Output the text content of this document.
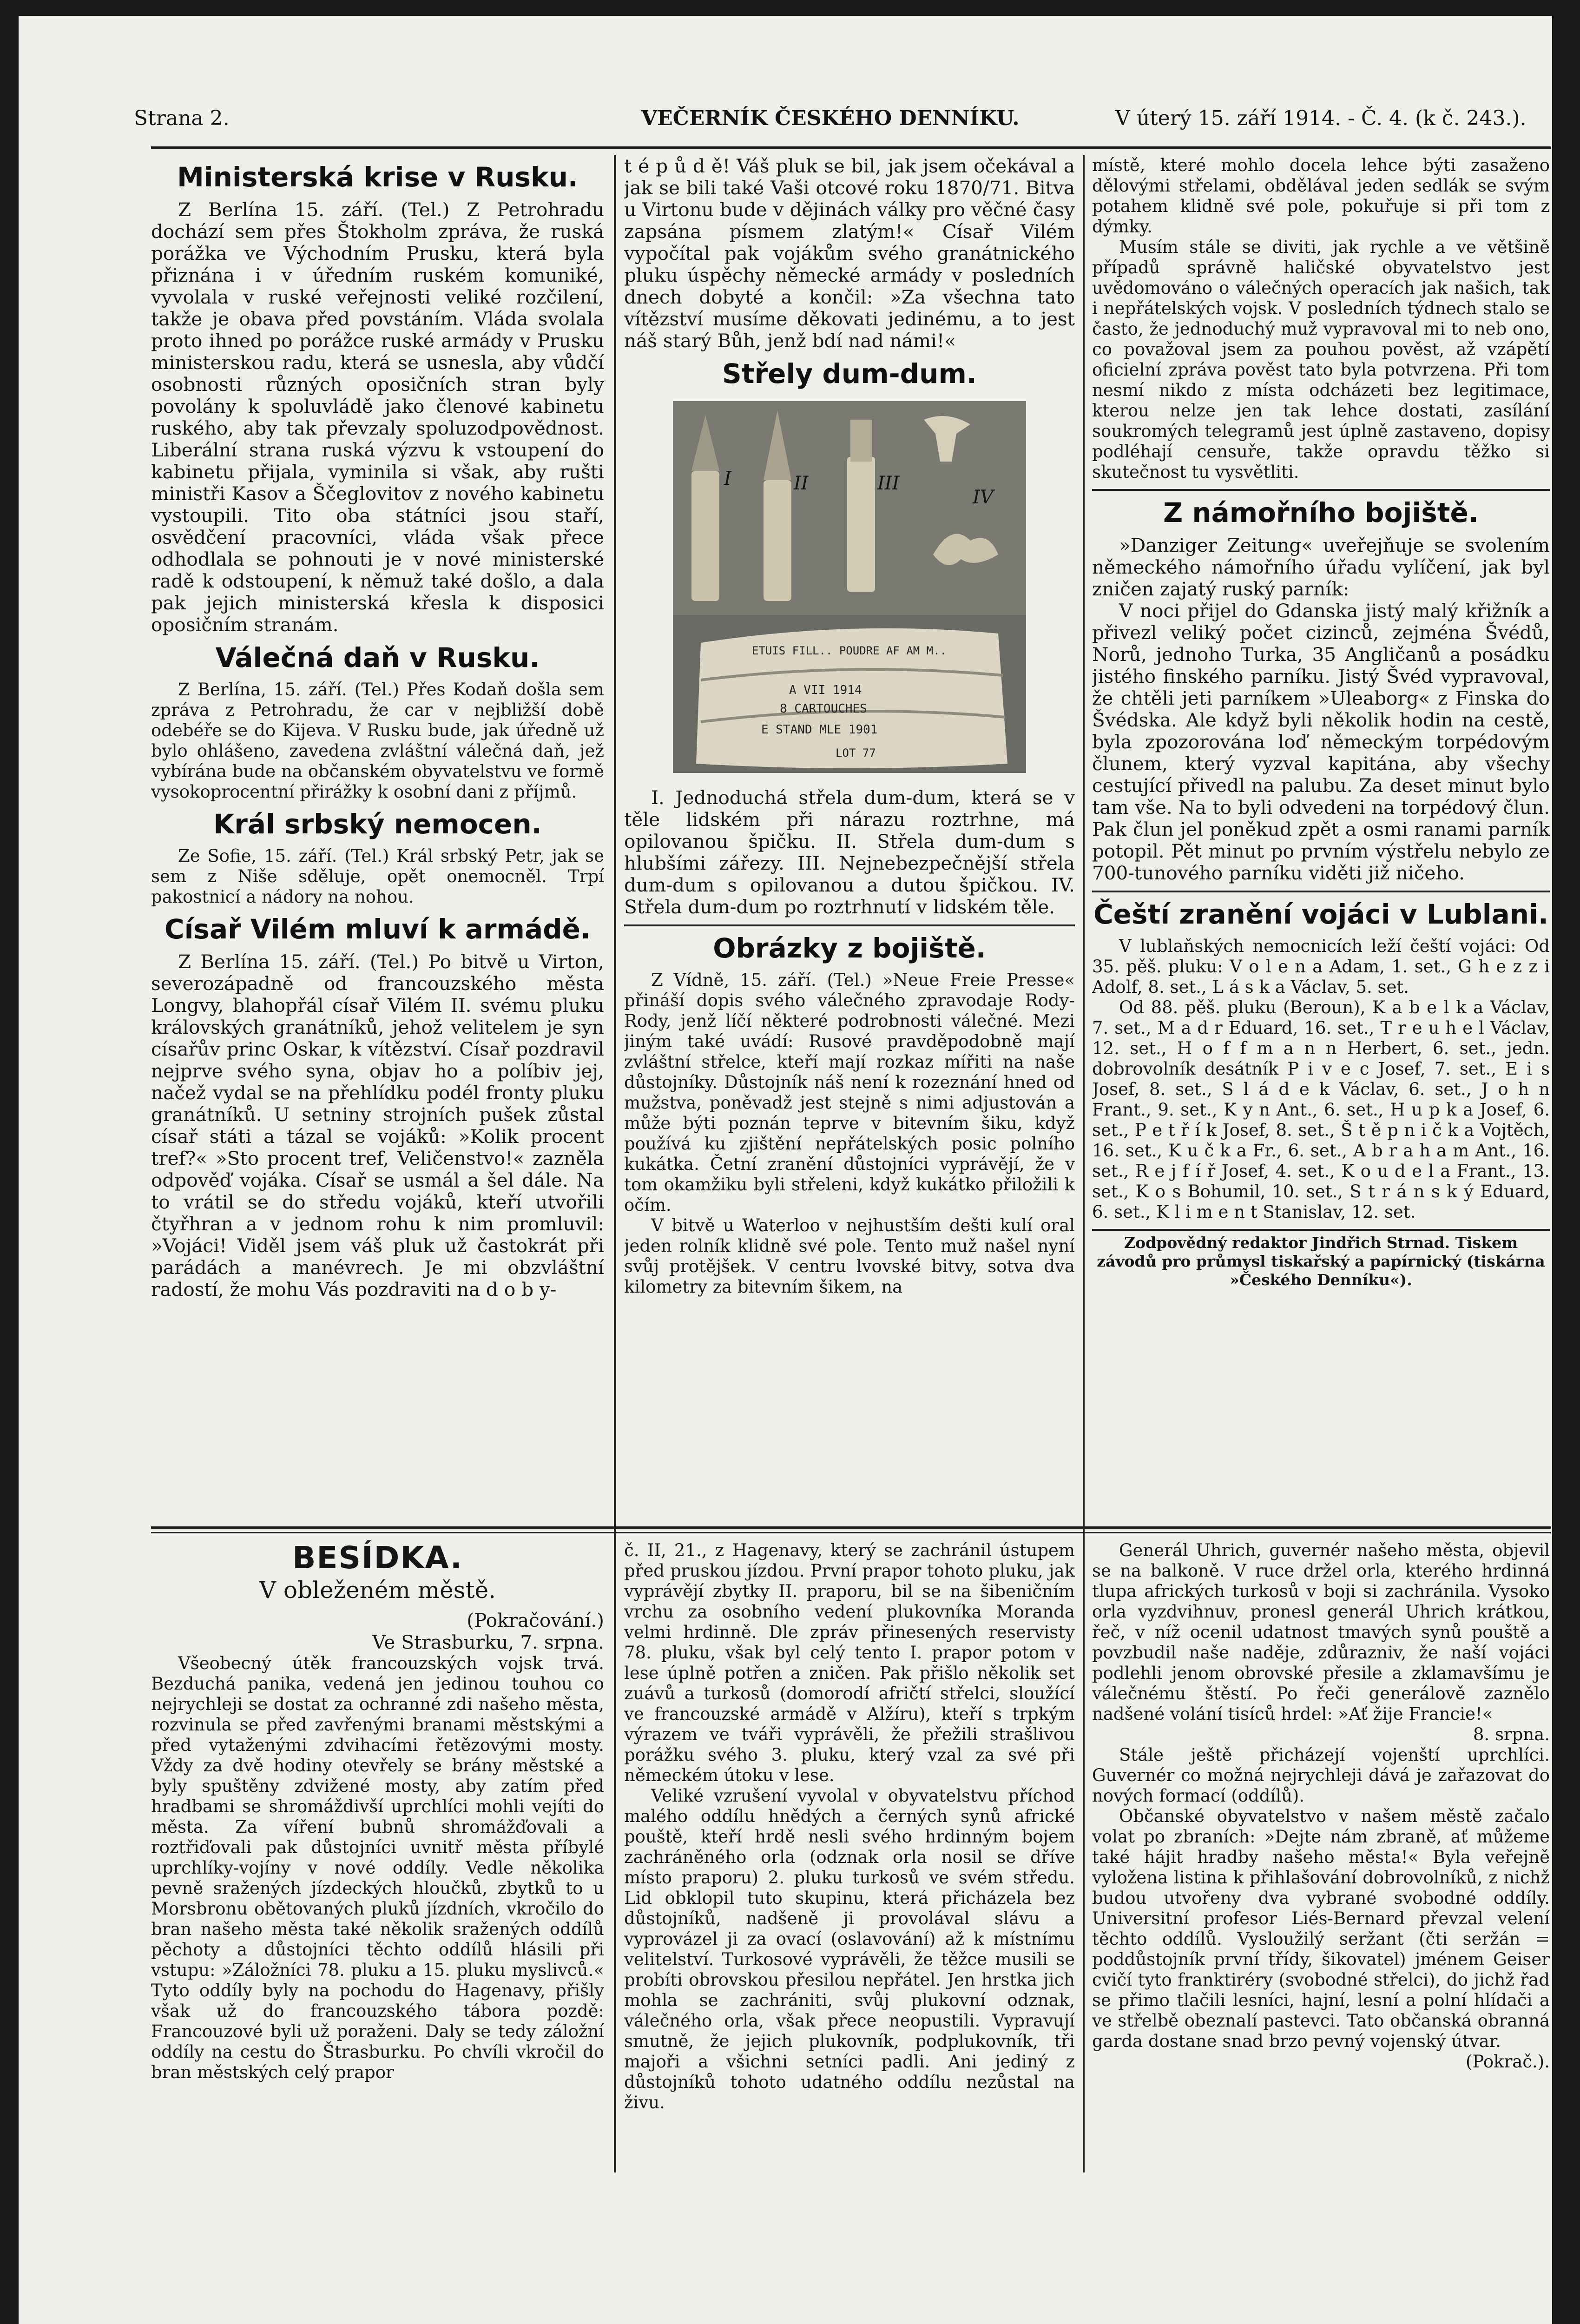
Strana 2.	VEČERNÍK ČESKÉHO DENNÍKU.	V úterý 15. září 1914. - Č. 4. (k č. 243.).
Ministerská krise v Rusku.

Z Berlína 15. září. (Tel.) Z Petrohradu dochází sem přes Štokholm zpráva, že ruská porážka ve Východním Prusku, která byla přiznána i v úředním ruském komuniké, vyvolala v ruské veřejnosti veliké rozčilení, takže je obava před povstáním. Vláda svolala proto ihned po porážce ruské armády v Prusku ministerskou radu, která se usnesla, aby vůdčí osobnosti různých oposičních stran byly povolány k spoluvládě jako členové kabinetu ruského, aby tak převzaly spoluzodpovědnost. Liberální strana ruská výzvu k vstoupení do kabinetu přijala, vyminila si však, aby rušti ministři Kasov a Ščeglovitov z nového kabinetu vystoupili. Tito oba státníci jsou staří, osvědčení pracovníci, vláda však přece odhodlala se pohnouti je v nové ministerské radě k odstoupení, k němuž také došlo, a dala pak jejich ministerská křesla k disposici oposičním stranám.

Válečná daň v Rusku.

Z Berlína, 15. září. (Tel.) Přes Kodaň došla sem zpráva z Petrohradu, že car v nejbližší době odebéře se do Kijeva. V Rusku bude, jak úředně už bylo ohlášeno, zavedena zvláštní válečná daň, jež vybírána bude na občanském obyvatelstvu ve formě vysokoprocentní přirážky k osobní dani z příjmů.

Král srbský nemocen.

Ze Sofie, 15. září. (Tel.) Král srbský Petr, jak se sem z Niše sděluje, opět onemocněl. Trpí pakostnicí a nádory na nohou.

Císař Vilém mluví k armádě.

Z Berlína 15. září. (Tel.) Po bitvě u Virton, severozápadně od francouzského města Longvy, blahopřál císař Vilém II. svému pluku královských granátníků, jehož velitelem je syn císařův princ Oskar, k vítězství. Císař pozdravil nejprve svého syna, objav ho a políbiv jej, načež vydal se na přehlídku podél fronty pluku granátníků. U setniny strojních pušek zůstal císař státi a tázal se vojáků: »Kolik procent tref?« »Sto procent tref, Veličenstvo!« zazněla odpověď vojáka. Císař se usmál a šel dále. Na to vrátil se do středu vojáků, kteří utvořili čtyřhran a v jednom rohu k nim promluvil: »Vojáci! Viděl jsem váš pluk už častokrát při parádách a manévrech. Je mi obzvláštní radostí, že mohu Vás pozdraviti na d o b y-

t é p ů d ě! Váš pluk se bil, jak jsem očekával a jak se bili také Vaši otcové roku 1870/71. Bitva u Virtonu bude v dějinách války pro věčné časy zapsána písmem zlatým!« Císař Vilém vypočítal pak vojákům svého granátnického pluku úspěchy německé armády v posledních dnech dobyté a končil: »Za všechna tato vítězství musíme děkovati jedinému, a to jest náš starý Bůh, jenž bdí nad námi!«

Střely dum-dum.
I	II	III
IV
ETUIS FILL.. POUDRE AF AM M..
A VII 1914
8 CARTOUCHES
E STAND MLE 1901
LOT 77

I. Jednoduchá střela dum-dum, která se v těle lidském při nárazu roztrhne, má opilovanou špičku. II. Střela dum-dum s hlubšími zářezy. III. Nejnebezpečnější střela dum-dum s opilovanou a dutou špičkou. IV. Střela dum-dum po roztrhnutí v lidském těle.

Obrázky z bojiště.

Z Vídně, 15. září. (Tel.) »Neue Freie Presse« přináší dopis svého válečného zpravodaje Rody-Rody, jenž líčí některé podrobnosti válečné. Mezi jiným také uvádí: Rusové pravděpodobně mají zvláštní střelce, kteří mají rozkaz mířiti na naše důstojníky. Důstojník náš není k rozeznání hned od mužstva, poněvadž jest stejně s nimi adjustován a může býti poznán teprve v bitevním šiku, když používá ku zjištění nepřátelských posic polního kukátka. Četní zranění důstojníci vyprávějí, že v tom okamžiku byli střeleni, když kukátko přiložili k očím.

V bitvě u Waterloo v nejhustším dešti kulí oral jeden rolník klidně své pole. Tento muž našel nyní svůj protějšek. V centru lvovské bitvy, sotva dva kilometry za bitevním šikem, na

místě, které mohlo docela lehce býti zasaženo dělovými střelami, obdělával jeden sedlák se svým potahem klidně své pole, pokuřuje si při tom z dýmky.

Musím stále se diviti, jak rychle a ve většině případů správně haličské obyvatelstvo jest uvědomováno o válečných operacích jak našich, tak i nepřátelských vojsk. V posledních týdnech stalo se často, že jednoduchý muž vypravoval mi to neb ono, co považoval jsem za pouhou pověst, až vzápětí oficielní zpráva pověst tato byla potvrzena. Při tom nesmí nikdo z místa odcházeti bez legitimace, kterou nelze jen tak lehce dostati, zasílání soukromých telegramů jest úplně zastaveno, dopisy podléhají censuře, takže opravdu těžko si skutečnost tu vysvětliti.

Z námořního bojiště.

»Danziger Zeitung« uveřejňuje se svolením německého námořního úřadu vylíčení, jak byl zničen zajatý ruský parník:

V noci přijel do Gdanska jistý malý křižník a přivezl veliký počet cizinců, zejména Švédů, Norů, jednoho Turka, 35 Angličanů a posádku jistého finského parníku. Jistý Švéd vypravoval, že chtěli jeti parníkem »Uleaborg« z Finska do Švédska. Ale když byli několik hodin na cestě, byla zpozorována loď německým torpédovým člunem, který vyzval kapitána, aby všechy cestující přivedl na palubu. Za deset minut bylo tam vše. Na to byli odvedeni na torpédový člun. Pak člun jel poněkud zpět a osmi ranami parník potopil. Pět minut po prvním výstřelu nebylo ze 700-tunového parníku viděti již ničeho.

Čeští zranění vojáci v Lublani.

V lublaňských nemocnicích leží čeští vojáci: Od 35. pěš. pluku: V o l e n a Adam, 1. set., G h e z z i Adolf, 8. set., L á s k a Václav, 5. set.

Od 88. pěš. pluku (Beroun), K a b e l k a Václav, 7. set., M a d r Eduard, 16. set., T r e u h e l Václav, 12. set., H o f f m a n n Herbert, 6. set., jedn. dobrovolník desátník P i v e c Josef, 7. set., E i s Josef, 8. set., S l á d e k Václav, 6. set., J o h n Frant., 9. set., K y n Ant., 6. set., H u p k a Josef, 6. set., P e t ř í k Josef, 8. set., Š t ě p n i č k a Vojtěch, 16. set., K u č k a Fr., 6. set., A b r a h a m Ant., 16. set., R e j f í ř Josef, 4. set., K o u d e l a Frant., 13. set., K o s Bohumil, 10. set., S t r á n s k ý Eduard, 6. set., K l i m e n t Stanislav, 12. set.

Zodpovědný redaktor Jindřich Strnad. Tiskem závodů pro průmysl tiskařský a papírnický (tiskárna »Českého Denníku«).

BESÍDKA.
V obleženém městě.

(Pokračování.)

Ve Strasburku, 7. srpna.

Všeobecný útěk francouzských vojsk trvá. Bezduchá panika, vedená jen jedinou touhou co nejrychleji se dostat za ochranné zdi našeho města, rozvinula se před zavřenými branami městskými a před vytaženými zdvihacími řetězovými mosty. Vždy za dvě hodiny otevřely se brány městské a byly spuštěny zdvižené mosty, aby zatím před hradbami se shromáždivší uprchlíci mohli vejíti do města. Za víření bubnů shromážďovali a roztřiďovali pak důstojníci uvnitř města příbylé uprchlíky-vojíny v nové oddíly. Vedle několika pevně sražených jízdeckých hloučků, zbytků to u Morsbronu obětovaných pluků jízdních, vkročilo do bran našeho města také několik sražených oddílů pěchoty a důstojníci těchto oddílů hlásili při vstupu: »Záložníci 78. pluku a 15. pluku myslivců.« Tyto oddíly byly na pochodu do Hagenavy, přišly však už do francouzského tábora pozdě: Francouzové byli už poraženi. Daly se tedy záložní oddíly na cestu do Štrasburku. Po chvíli vkročil do bran městských celý prapor

č. II, 21., z Hagenavy, který se zachránil ústupem před pruskou jízdou. První prapor tohoto pluku, jak vyprávějí zbytky II. praporu, bil se na šibeničním vrchu za osobního vedení plukovníka Moranda velmi hrdinně. Dle zpráv přinesených reservisty 78. pluku, však byl celý tento I. prapor potom v lese úplně potřen a zničen. Pak přišlo několik set zuávů a turkosů (domorodí afričtí střelci, sloužící ve francouzské armádě v Alžíru), kteří s trpkým výrazem ve tváři vyprávěli, že přežili strašlivou porážku svého 3. pluku, který vzal za své při německém útoku v lese.

Veliké vzrušení vyvolal v obyvatelstvu příchod malého oddílu hnědých a černých synů africké pouště, kteří hrdě nesli svého hrdinným bojem zachráněného orla (odznak orla nosil se dříve místo praporu) 2. pluku turkosů ve svém středu. Lid obklopil tuto skupinu, která přicházela bez důstojníků, nadšeně ji provolával slávu a vyprovázel ji za ovací (oslavování) až k místnímu velitelství. Turkosové vyprávěli, že těžce musili se probíti obrovskou přesilou nepřátel. Jen hrstka jich mohla se zachrániti, svůj plukovní odznak, válečného orla, však přece neopustili. Vypravují smutně, že jejich plukovník, podplukovník, tři majoři a všichni setníci padli. Ani jediný z důstojníků tohoto udatného oddílu nezůstal na živu.

Generál Uhrich, guvernér našeho města, objevil se na balkoně. V ruce držel orla, kterého hrdinná tlupa afrických turkosů v boji si zachránila. Vysoko orla vyzdvihnuv, pronesl generál Uhrich krátkou, řeč, v níž ocenil udatnost tmavých synů pouště a povzbudil naše naděje, zdůrazniv, že naší vojáci podlehli jenom obrovské přesile a zklamavšímu je válečnému štěstí. Po řeči generálově zaznělo nadšené volání tisíců hrdel: »Ať žije Francie!«

8. srpna.

Stále ještě přicházejí vojenští uprchlíci. Guvernér co možná nejrychleji dává je zařazovat do nových formací (oddílů).

Občanské obyvatelstvo v našem městě začalo volat po zbraních: »Dejte nám zbraně, ať můžeme také hájit hradby našeho města!« Byla veřejně vyložena listina k přihlašování dobrovolníků, z nichž budou utvořeny dva vybrané svobodné oddíly. Universitní profesor Liés-Bernard převzal velení těchto oddílů. Vysloužilý seržant (čti seržán = poddůstojník první třídy, šikovatel) jménem Geiser cvičí tyto franktiréry (svobodné střelci), do jichž řad se přimo tlačili lesníci, hajní, lesní a polní hlídači a ve střelbě obeznalí pastevci. Tato občanská obranná garda dostane snad brzo pevný vojenský útvar.

(Pokrač.).
